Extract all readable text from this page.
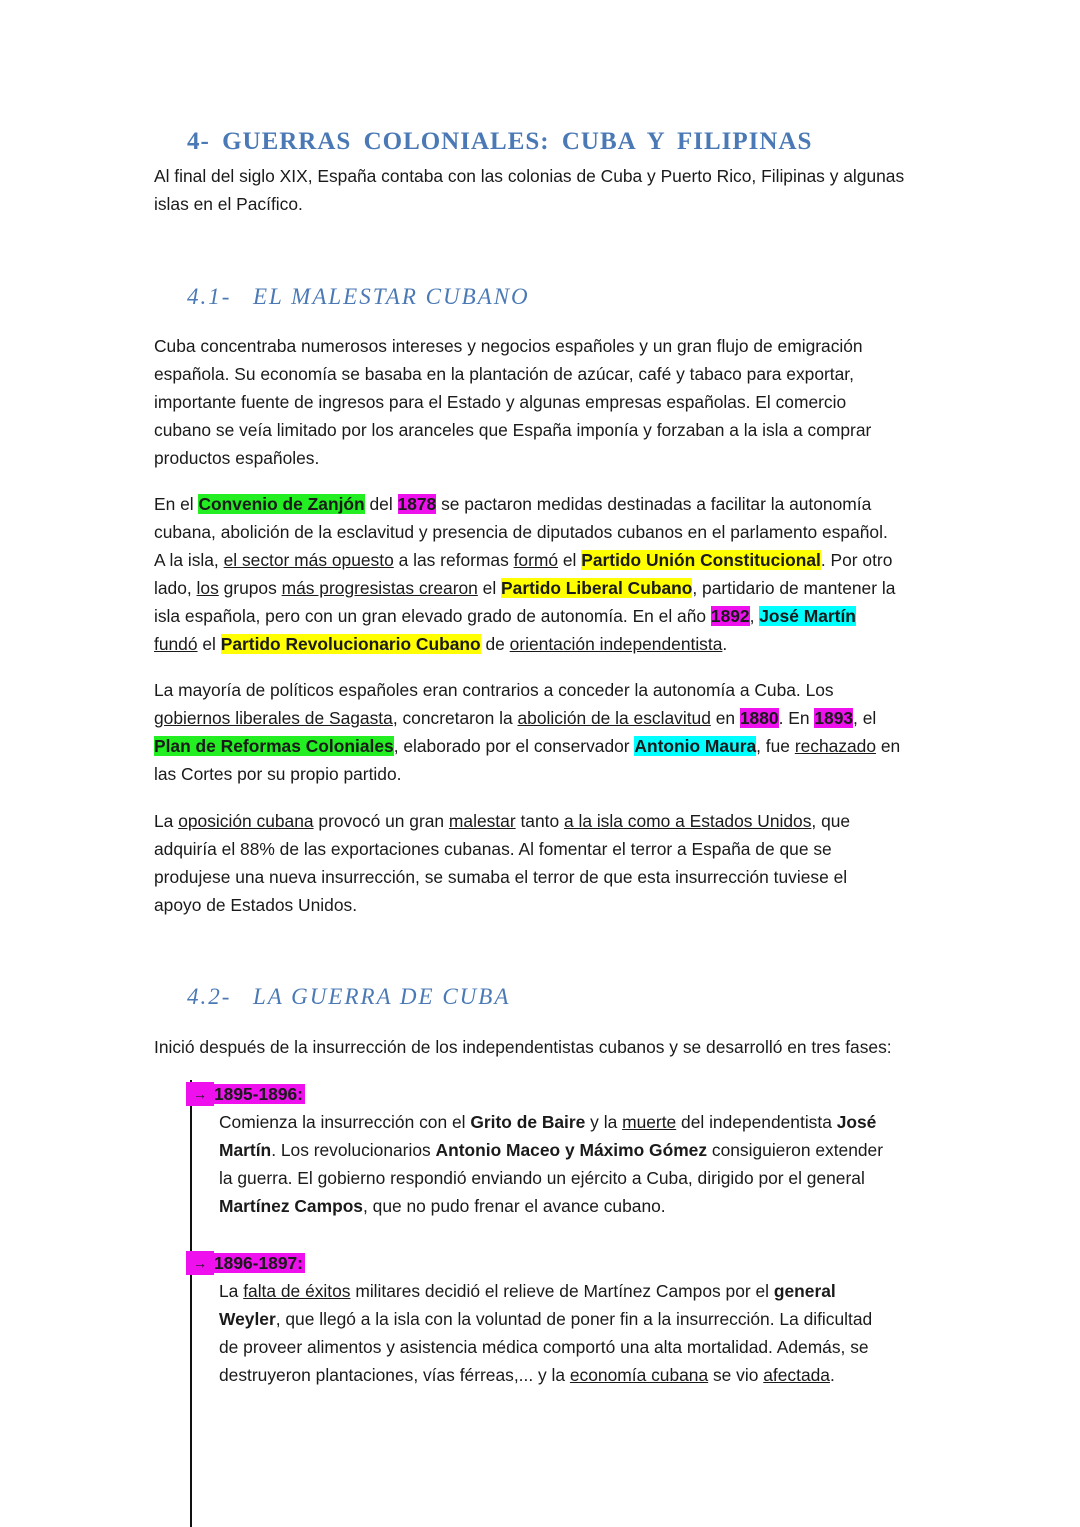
4- GUERRAS COLONIALES: CUBA Y FILIPINAS

Al final del siglo XIX, España contaba con las colonias de Cuba y Puerto Rico, Filipinas y algunas
islas en el Pacífico.

4.1- EL MALESTAR CUBANO

Cuba concentraba numerosos intereses y negocios españoles y un gran flujo de emigración
española. Su economía se basaba en la plantación de azúcar, café y tabaco para exportar,
importante fuente de ingresos para el Estado y algunas empresas españolas. El comercio
cubano se veía limitado por los aranceles que España imponía y forzaban a la isla a comprar
productos españoles.

En el Convenio de Zanjón del 1878 se pactaron medidas destinadas a facilitar la autonomía
cubana, abolición de la esclavitud y presencia de diputados cubanos en el parlamento español.
A la isla, el sector más opuesto a las reformas formó el Partido Unión Constitucional. Por otro
lado, los grupos más progresistas crearon el Partido Liberal Cubano, partidario de mantener la
isla española, pero con un gran elevado grado de autonomía. En el año 1892, José Martín
fundó el Partido Revolucionario Cubano de orientación independentista.

La mayoría de políticos españoles eran contrarios a conceder la autonomía a Cuba. Los
gobiernos liberales de Sagasta, concretaron la abolición de la esclavitud en 1880. En 1893, el
Plan de Reformas Coloniales, elaborado por el conservador Antonio Maura, fue rechazado en
las Cortes por su propio partido.

La oposición cubana provocó un gran malestar tanto a la isla como a Estados Unidos, que
adquiría el 88% de las exportaciones cubanas. Al fomentar el terror a España de que se
produjese una nueva insurrección, se sumaba el terror de que esta insurrección tuviese el
apoyo de Estados Unidos.

4.2- LA GUERRA DE CUBA

Inició después de la insurrección de los independentistas cubanos y se desarrolló en tres fases:

→ 1895-1896:

Comienza la insurrección con el Grito de Baire y la muerte del independentista José
Martín. Los revolucionarios Antonio Maceo y Máximo Gómez consiguieron extender
la guerra. El gobierno respondió enviando un ejército a Cuba, dirigido por el general
Martínez Campos, que no pudo frenar el avance cubano.

→ 1896-1897:

La falta de éxitos militares decidió el relieve de Martínez Campos por el general
Weyler, que llegó a la isla con la voluntad de poner fin a la insurrección. La dificultad
de proveer alimentos y asistencia médica comportó una alta mortalidad. Además, se
destruyeron plantaciones, vías férreas,... y la economía cubana se vio afectada.
